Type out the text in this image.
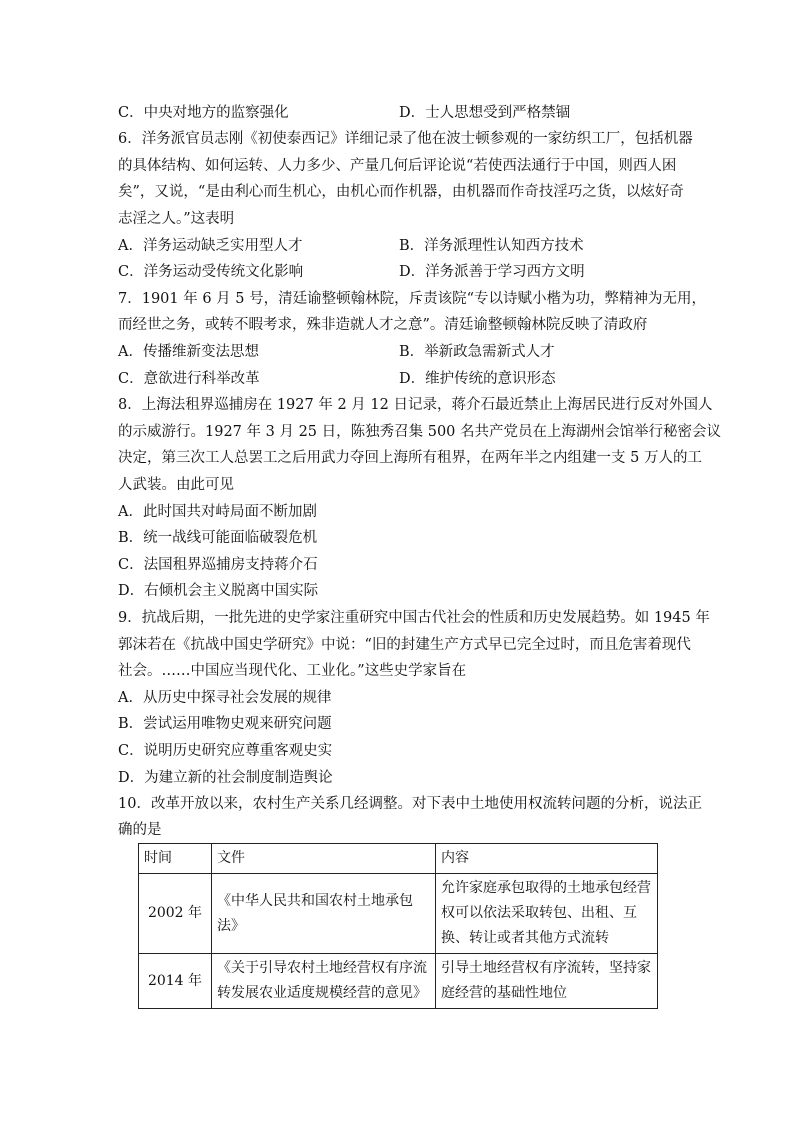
C．中央对地方的监察强化	D．士人思想受到严格禁锢
6．洋务派官员志刚《初使泰西记》详细记录了他在波士顿参观的一家纺织工厂，包括机器
的具体结构、如何运转、人力多少、产量几何后评论说“若使西法通行于中国，则西人困
矣”，又说，“是由利心而生机心，由机心而作机器，由机器而作奇技淫巧之货，以炫好奇
志淫之人。”这表明
A．洋务运动缺乏实用型人才	B．洋务派理性认知西方技术
C．洋务运动受传统文化影响	D．洋务派善于学习西方文明
7．1901 年 6 月 5 号，清廷谕整顿翰林院，斥责该院“专以诗赋小楷为功，弊精神为无用，
而经世之务，或转不暇考求，殊非造就人才之意”。清廷谕整顿翰林院反映了清政府
A．传播维新变法思想	B．举新政急需新式人才
C．意欲进行科举改革	D．维护传统的意识形态
8．上海法租界巡捕房在 1927 年 2 月 12 日记录，蒋介石最近禁止上海居民进行反对外国人
的示威游行。1927 年 3 月 25 日，陈独秀召集 500 名共产党员在上海湖州会馆举行秘密会议
决定，第三次工人总罢工之后用武力夺回上海所有租界，在两年半之内组建一支 5 万人的工
人武装。由此可见
A．此时国共对峙局面不断加剧
B．统一战线可能面临破裂危机
C．法国租界巡捕房支持蒋介石
D．右倾机会主义脱离中国实际
9．抗战后期，一批先进的史学家注重研究中国古代社会的性质和历史发展趋势。如 1945 年
郭沫若在《抗战中国史学研究》中说：“旧的封建生产方式早已完全过时，而且危害着现代
社会。……中国应当现代化、工业化。”这些史学家旨在
A．从历史中探寻社会发展的规律
B．尝试运用唯物史观来研究问题
C．说明历史研究应尊重客观史实
D．为建立新的社会制度制造舆论
10．改革开放以来，农村生产关系几经调整。对下表中土地使用权流转问题的分析，说法正
确的是
时间	文件	内容
2002 年	《中华人民共和国农村土地承包法》	允许家庭承包取得的土地承包经营权可以依法采取转包、出租、互换、转让或者其他方式流转
2014 年	《关于引导农村土地经营权有序流转发展农业适度规模经营的意见》	引导土地经营权有序流转，坚持家庭经营的基础性地位
